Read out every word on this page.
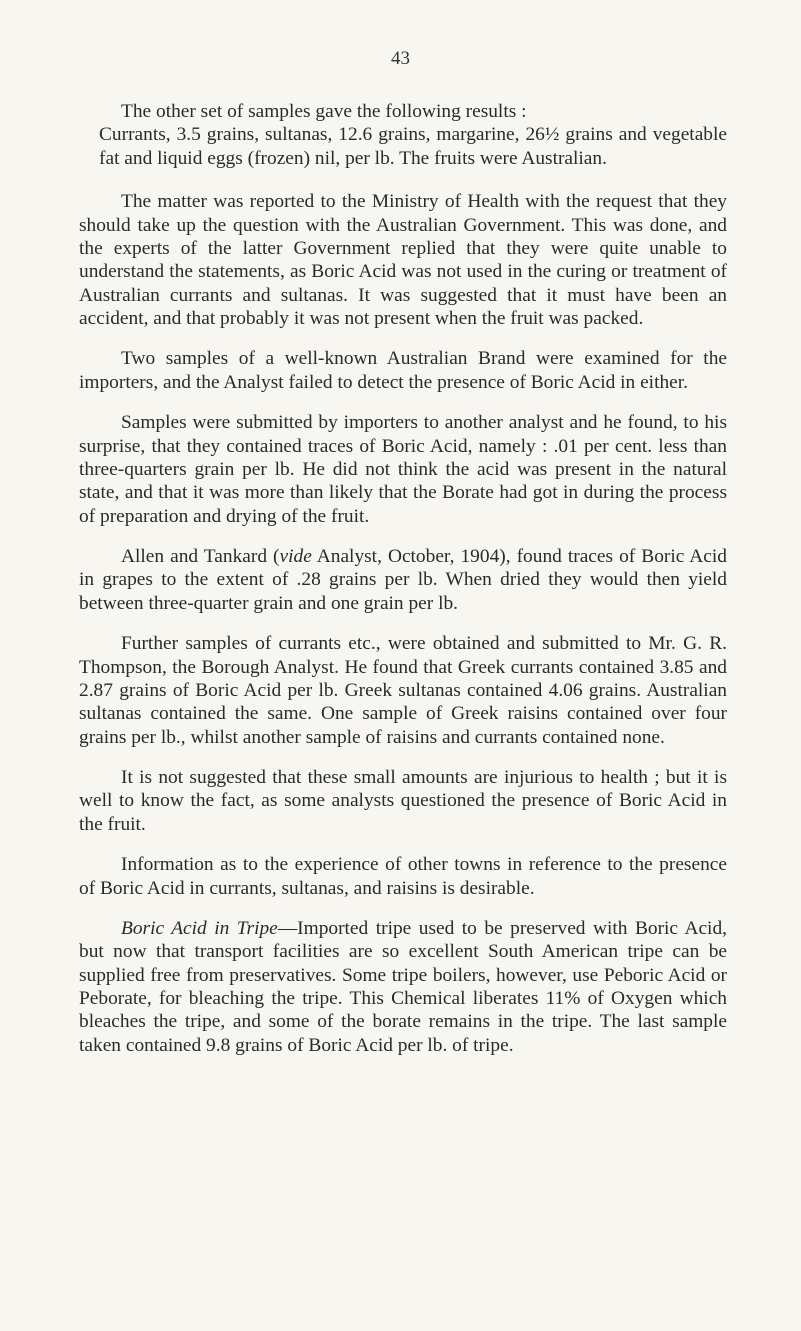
43

The other set of samples gave the following results :

Currants, 3.5 grains, sultanas, 12.6 grains, margarine, 26½ grains and vegetable fat and liquid eggs (frozen) nil, per lb. The fruits were Australian.

The matter was reported to the Ministry of Health with the request that they should take up the question with the Australian Government. This was done, and the experts of the latter Government replied that they were quite unable to understand the statements, as Boric Acid was not used in the curing or treatment of Australian currants and sultanas. It was suggested that it must have been an accident, and that probably it was not present when the fruit was packed.

Two samples of a well-known Australian Brand were examined for the importers, and the Analyst failed to detect the presence of Boric Acid in either.

Samples were submitted by importers to another analyst and he found, to his surprise, that they contained traces of Boric Acid, namely : .01 per cent. less than three-quarters grain per lb. He did not think the acid was present in the natural state, and that it was more than likely that the Borate had got in during the process of preparation and drying of the fruit.

Allen and Tankard (vide Analyst, October, 1904), found traces of Boric Acid in grapes to the extent of .28 grains per lb. When dried they would then yield between three-quarter grain and one grain per lb.

Further samples of currants etc., were obtained and submitted to Mr. G. R. Thompson, the Borough Analyst. He found that Greek currants contained 3.85 and 2.87 grains of Boric Acid per lb. Greek sultanas contained 4.06 grains. Australian sultanas contained the same. One sample of Greek raisins contained over four grains per lb., whilst another sample of raisins and currants contained none.

It is not suggested that these small amounts are injurious to health ; but it is well to know the fact, as some analysts questioned the presence of Boric Acid in the fruit.

Information as to the experience of other towns in reference to the presence of Boric Acid in currants, sultanas, and raisins is desirable.

Boric Acid in Tripe—Imported tripe used to be preserved with Boric Acid, but now that transport facilities are so excellent South American tripe can be supplied free from preservatives. Some tripe boilers, however, use Peboric Acid or Peborate, for bleaching the tripe. This Chemical liberates 11% of Oxygen which bleaches the tripe, and some of the borate remains in the tripe. The last sample taken contained 9.8 grains of Boric Acid per lb. of tripe.
